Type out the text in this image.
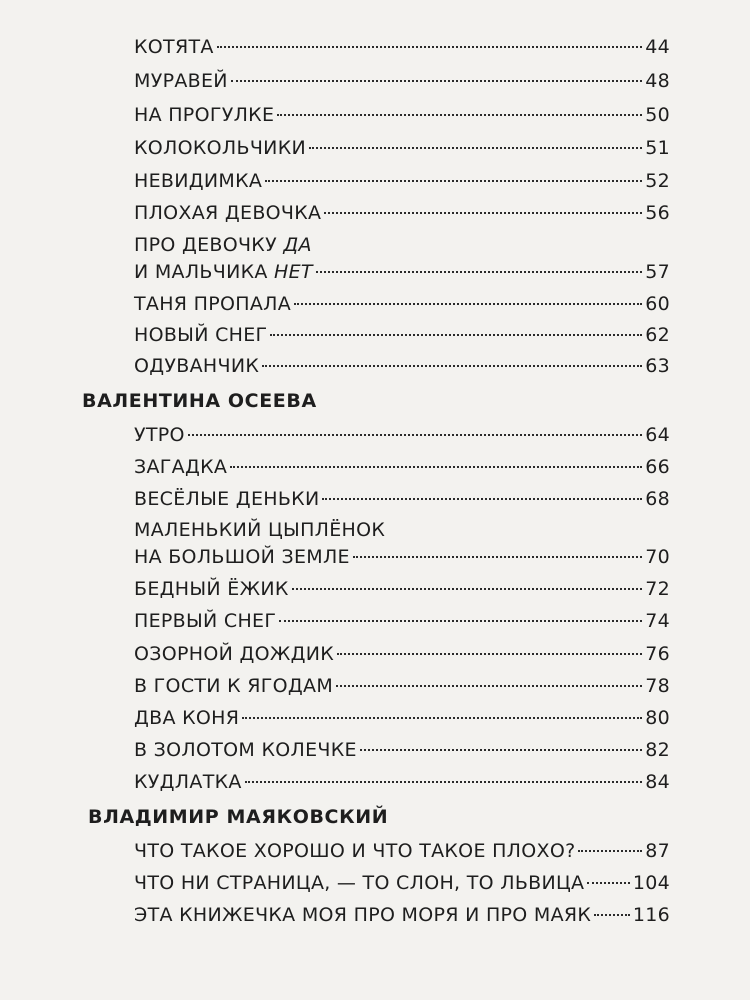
КОТЯТА	44
МУРАВЕЙ	48
НА ПРОГУЛКЕ	50
КОЛОКОЛЬЧИКИ	51
НЕВИДИМКА	52
ПЛОХАЯ ДЕВОЧКА	56
ПРО ДЕВОЧКУ ДА
И МАЛЬЧИКА НЕТ	57
ТАНЯ ПРОПАЛА	60
НОВЫЙ СНЕГ	62
ОДУВАНЧИК	63
ВАЛЕНТИНА ОСЕЕВА
УТРО	64
ЗАГАДКА	66
ВЕСЁЛЫЕ ДЕНЬКИ	68
МАЛЕНЬКИЙ ЦЫПЛЁНОК
НА БОЛЬШОЙ ЗЕМЛЕ	70
БЕДНЫЙ ЁЖИК	72
ПЕРВЫЙ СНЕГ	74
ОЗОРНОЙ ДОЖДИК	76
В ГОСТИ К ЯГОДАМ	78
ДВА КОНЯ	80
В ЗОЛОТОМ КОЛЕЧКЕ	82
КУДЛАТКА	84
ВЛАДИМИР МАЯКОВСКИЙ
ЧТО ТАКОЕ ХОРОШО И ЧТО ТАКОЕ ПЛОХО?	87
ЧТО НИ СТРАНИЦА, — ТО СЛОН, ТО ЛЬВИЦА	104
ЭТА КНИЖЕЧКА МОЯ ПРО МОРЯ И ПРО МАЯК 116
